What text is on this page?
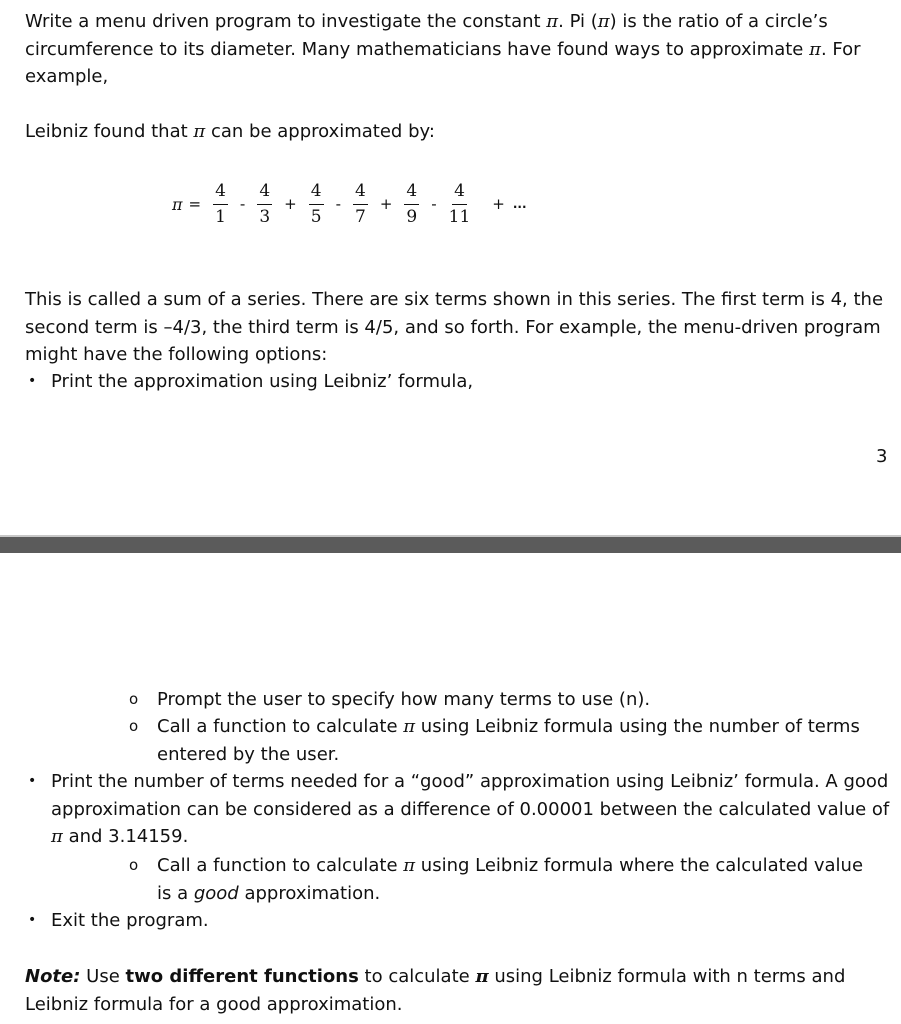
Write a menu driven program to investigate the constant π. Pi (π) is the ratio of a circle’s circumference to its diameter. Many mathematicians have found ways to approximate π. For example,

Leibniz found that π can be approximated by:

$\pi = \frac{4}{1} - \frac{4}{3} + \frac{4}{5} - \frac{4}{7} + \frac{4}{9} - \frac{4}{11}$ + ...

This is called a sum of a series. There are six terms shown in this series. The first term is 4, the second term is –4/3, the third term is 4/5, and so forth. For example, the menu-driven program might have the following options:

• Print the approximation using Leibniz’ formula,

3

o Prompt the user to specify how many terms to use (n).

o Call a function to calculate π using Leibniz formula using the number of terms entered by the user.

• Print the number of terms needed for a “good” approximation using Leibniz’ formula. A good approximation can be considered as a difference of 0.00001 between the calculated value of π and 3.14159.

o Call a function to calculate π using Leibniz formula where the calculated value is a good approximation.

• Exit the program.

Note: Use two different functions to calculate π using Leibniz formula with n terms and Leibniz formula for a good approximation.
